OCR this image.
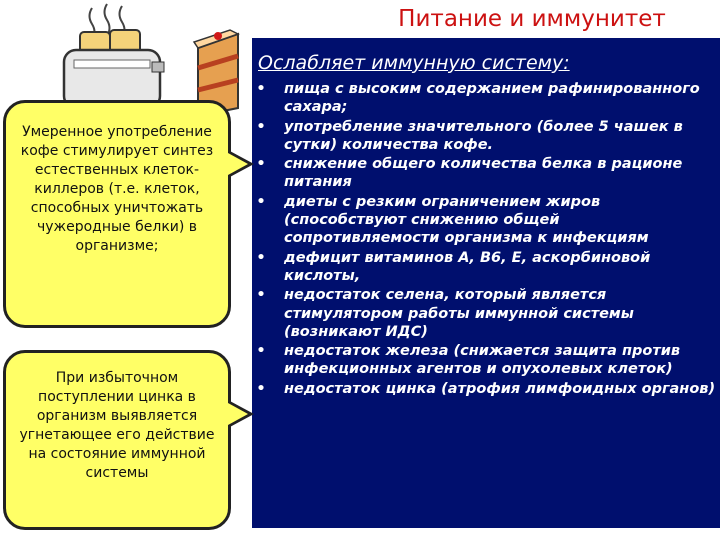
Питание и иммунитет
Ослабляет иммунную систему:
• пища с высоким содержанием рафинированного сахара;
• употребление значительного (более 5 чашек в сутки) количества кофе.
• снижение общего количества белка в рационе питания
• диеты с резким ограничением жиров (способствуют снижению общей сопротивляемости организма к инфекциям
• дефицит витаминов А, В6, Е, аскорбиновой кислоты,
• недостаток селена, который является стимулятором работы иммунной системы (возникают ИДС)
• недостаток железа (снижается защита против инфекционных агентов и опухолевых клеток)
• недостаток цинка (атрофия лимфоидных органов)
Умеренное употребление кофе стимулирует синтез естественных клеток-киллеров (т.е. клеток, способных уничтожать чужеродные белки) в организме;
При избыточном поступлении цинка в организм выявляется угнетающее его действие на состояние иммунной системы
